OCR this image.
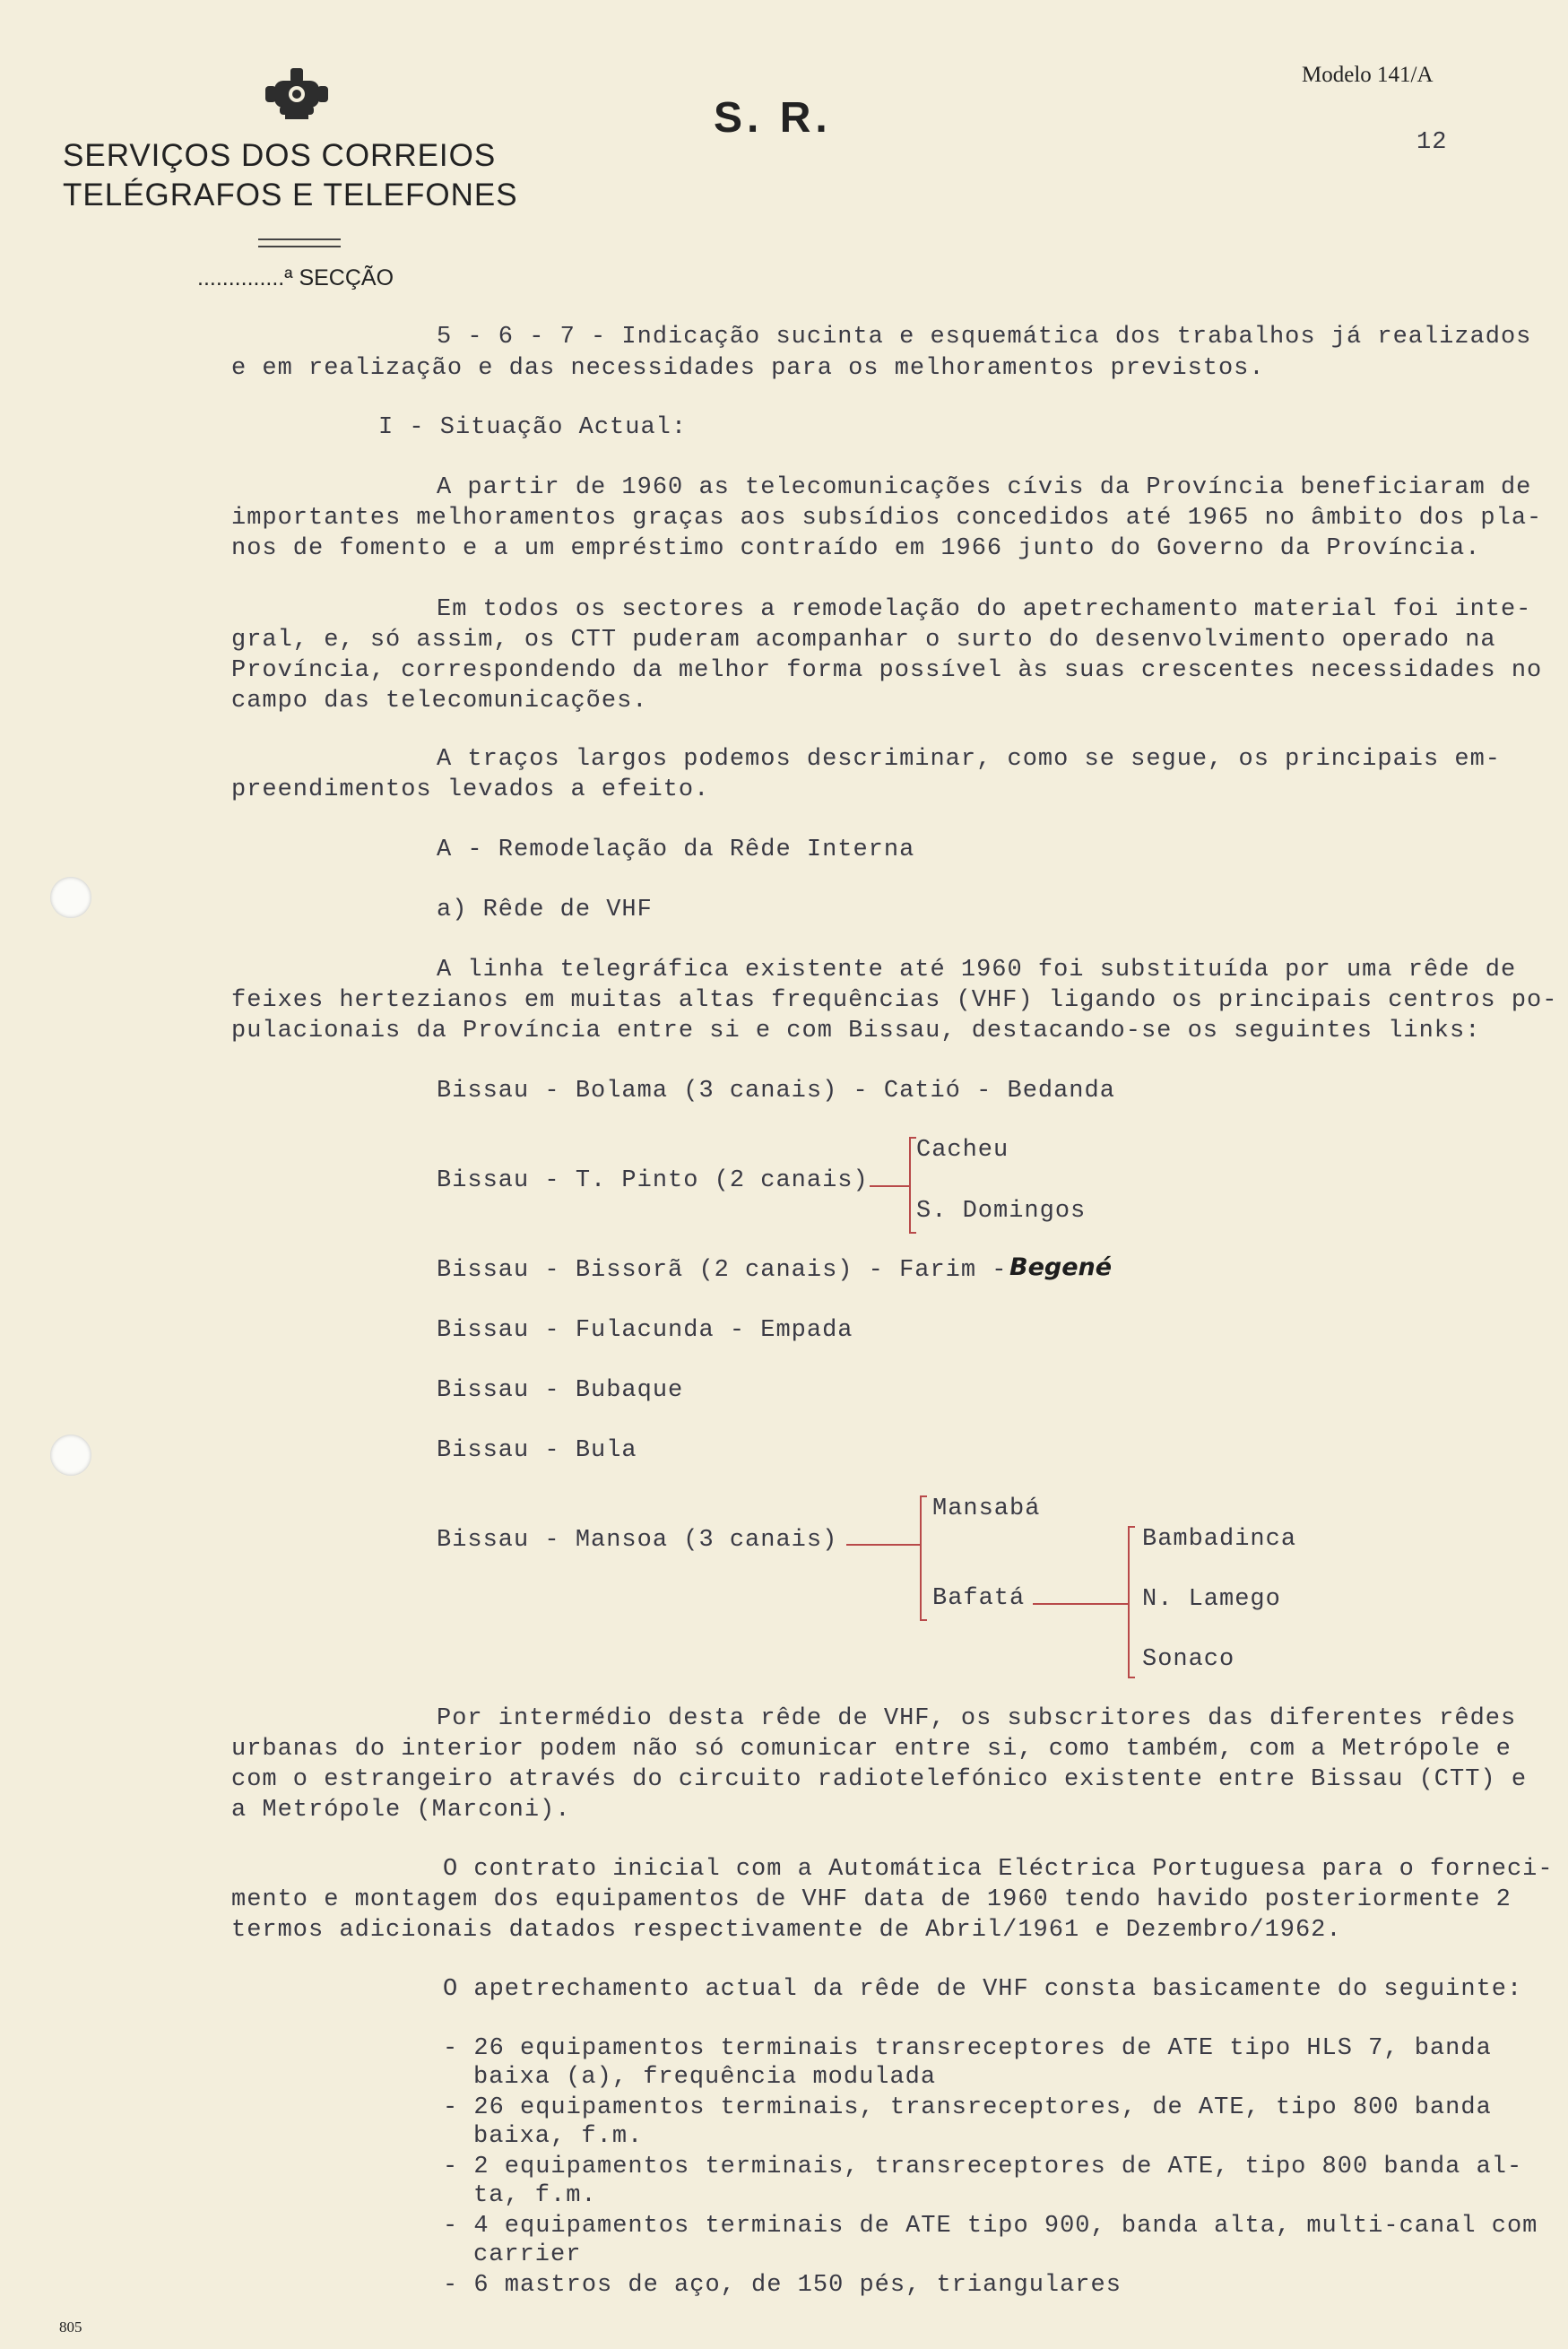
SERVIÇOS DOS CORREIOS
TELÉGRAFOS E TELEFONES
..............ª SECÇÃO
S. R.
Modelo 141/A
12
5 - 6 - 7 - Indicação sucinta e esquemática dos trabalhos já realizados
e em realização e das necessidades para os melhoramentos previstos.
I - Situação Actual:
A partir de 1960 as telecomunicações cívis da Província beneficiaram de
importantes melhoramentos graças aos subsídios concedidos até 1965 no âmbito dos pla-
nos de fomento e a um empréstimo contraído em 1966 junto do Governo da Província.
Em todos os sectores a remodelação do apetrechamento material foi inte-
gral, e, só assim, os CTT puderam acompanhar o surto do desenvolvimento operado na
Província, correspondendo da melhor forma possível às suas crescentes necessidades no
campo das telecomunicações.
A traços largos podemos descriminar, como se segue, os principais em-
preendimentos levados a efeito.
A - Remodelação da Rêde Interna
a) Rêde de VHF
A linha telegráfica existente até 1960 foi substituída por uma rêde de
feixes hertezianos em muitas altas frequências (VHF) ligando os principais centros po-
pulacionais da Província entre si e com Bissau, destacando-se os seguintes links:
Bissau - Bolama (3 canais) - Catió - Bedanda
Bissau - T. Pinto (2 canais)
Cacheu
S. Domingos
Bissau - Bissorã (2 canais) - Farim - Begené
Bissau - Fulacunda - Empada
Bissau - Bubaque
Bissau - Bula
Bissau - Mansoa (3 canais)
Mansabá
Bafatá
Bambadinca
N. Lamego
Sonaco
Por intermédio desta rêde de VHF, os subscritores das diferentes rêdes
urbanas do interior podem não só comunicar entre si, como também, com a Metrópole e
com o estrangeiro através do circuito radiotelefónico existente entre Bissau (CTT) e
a Metrópole (Marconi).
O contrato inicial com a Automática Eléctrica Portuguesa para o forneci-
mento e montagem dos equipamentos de VHF data de 1960 tendo havido posteriormente 2
termos adicionais datados respectivamente de Abril/1961 e Dezembro/1962.
O apetrechamento actual da rêde de VHF consta basicamente do seguinte:
- 26 equipamentos terminais transreceptores de ATE tipo HLS 7, banda
baixa (a), frequência modulada
- 26 equipamentos terminais, transreceptores, de ATE, tipo 800 banda
baixa, f.m.
- 2 equipamentos terminais, transreceptores de ATE, tipo 800 banda al-
ta, f.m.
- 4 equipamentos terminais de ATE tipo 900, banda alta, multi-canal com
carrier
- 6 mastros de aço, de 150 pés, triangulares
805
